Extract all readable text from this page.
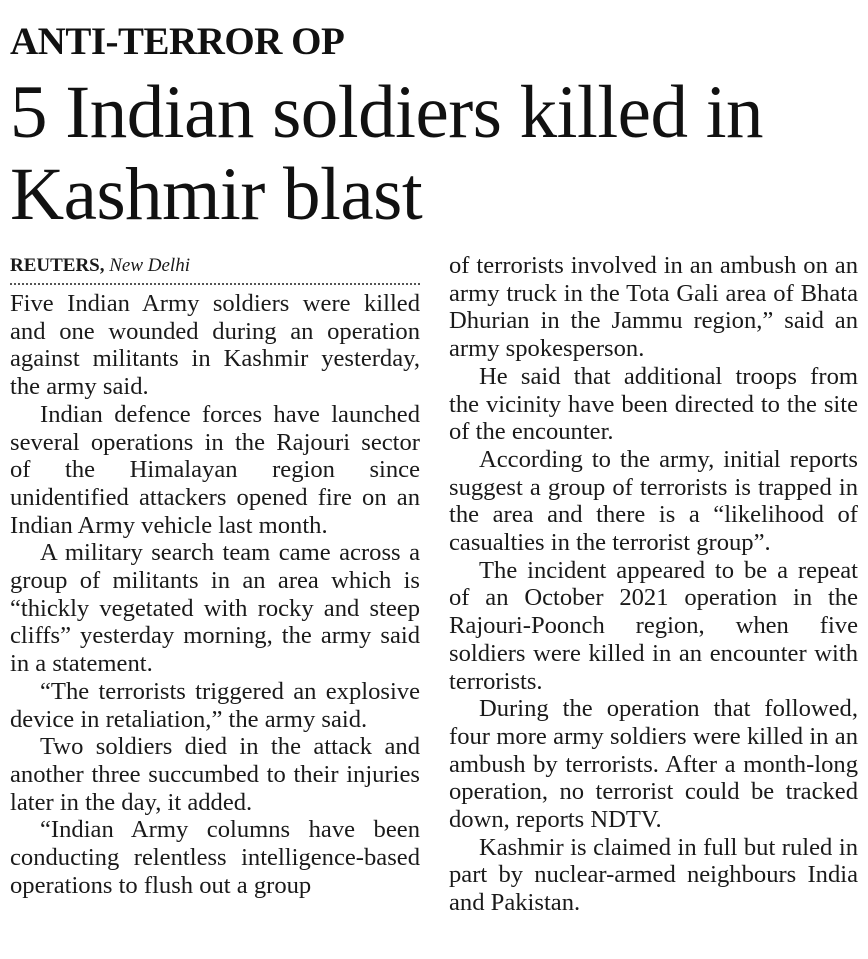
ANTI-TERROR OP
5 Indian soldiers killed in Kashmir blast
REUTERS, New Delhi

Five Indian Army soldiers were killed and one wounded during an operation against militants in Kashmir yesterday, the army said.

Indian defence forces have launched several operations in the Rajouri sector of the Himalayan region since unidentified attackers opened fire on an Indian Army vehicle last month.

A military search team came across a group of militants in an area which is “thickly vegetated with rocky and steep cliffs” yesterday morning, the army said in a statement.

“The terrorists triggered an explosive device in retaliation,” the army said.

Two soldiers died in the attack and another three succumbed to their injuries later in the day, it added.

“Indian Army columns have been conducting relentless intelligence-based operations to flush out a group

of terrorists involved in an ambush on an army truck in the Tota Gali area of Bhata Dhurian in the Jammu region,” said an army spokesperson.

He said that additional troops from the vicinity have been directed to the site of the encounter.

According to the army, initial reports suggest a group of terrorists is trapped in the area and there is a “likelihood of casualties in the terrorist group”.

The incident appeared to be a repeat of an October 2021 operation in the Rajouri-Poonch region, when five soldiers were killed in an encounter with terrorists.

During the operation that followed, four more army soldiers were killed in an ambush by terrorists. After a month-long operation, no terrorist could be tracked down, reports NDTV.

Kashmir is claimed in full but ruled in part by nuclear-armed neighbours India and Pakistan.
